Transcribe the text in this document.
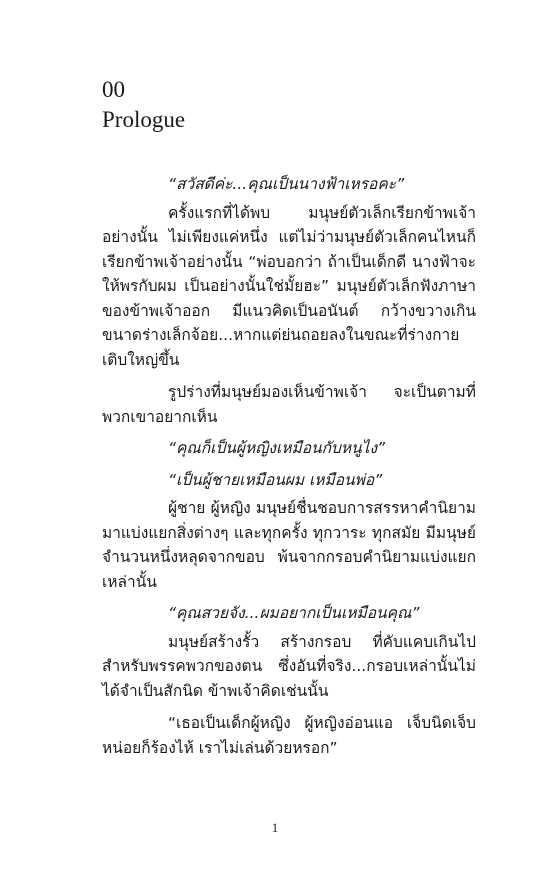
00
Prologue

“สวัสดีค่ะ...คุณเป็นนางฟ้าเหรอคะ”

ครั้งแรกที่ได้พบ มนุษย์ตัวเล็กเรียกข้าพเจ้าอย่างนั้น ไม่เพียงแค่หนึ่ง แต่ไม่ว่ามนุษย์ตัวเล็กคนไหนก็เรียกข้าพเจ้าอย่างนั้น “พ่อบอกว่า ถ้าเป็นเด็กดี นางฟ้าจะให้พรกับผม เป็นอย่างนั้นใช่มั้ยฮะ” มนุษย์ตัวเล็กฟังภาษาของข้าพเจ้าออก มีแนวคิดเป็นอนันต์ กว้างขวางเกินขนาดร่างเล็กจ้อย...หากแต่ย่นถอยลงในขณะที่ร่างกายเติบใหญ่ขึ้น

รูปร่างที่มนุษย์มองเห็นข้าพเจ้า จะเป็นตามที่พวกเขาอยากเห็น

“คุณก็เป็นผู้หญิงเหมือนกับหนูไง”

“เป็นผู้ชายเหมือนผม เหมือนพ่อ”

ผู้ชาย ผู้หญิง มนุษย์ชื่นชอบการสรรหาคำนิยามมาแบ่งแยกสิ่งต่างๆ และทุกครั้ง ทุกวาระ ทุกสมัย มีมนุษย์จำนวนหนึ่งหลุดจากขอบ พ้นจากกรอบคำนิยามแบ่งแยกเหล่านั้น

“คุณสวยจัง...ผมอยากเป็นเหมือนคุณ”

มนุษย์สร้างรั้ว สร้างกรอบ ที่คับแคบเกินไปสำหรับพรรคพวกของตน ซึ่งอันที่จริง...กรอบเหล่านั้นไม่ได้จำเป็นสักนิด ข้าพเจ้าคิดเช่นนั้น

“เธอเป็นเด็กผู้หญิง ผู้หญิงอ่อนแอ เจ็บนิดเจ็บหน่อยก็ร้องไห้ เราไม่เล่นด้วยหรอก”

1
